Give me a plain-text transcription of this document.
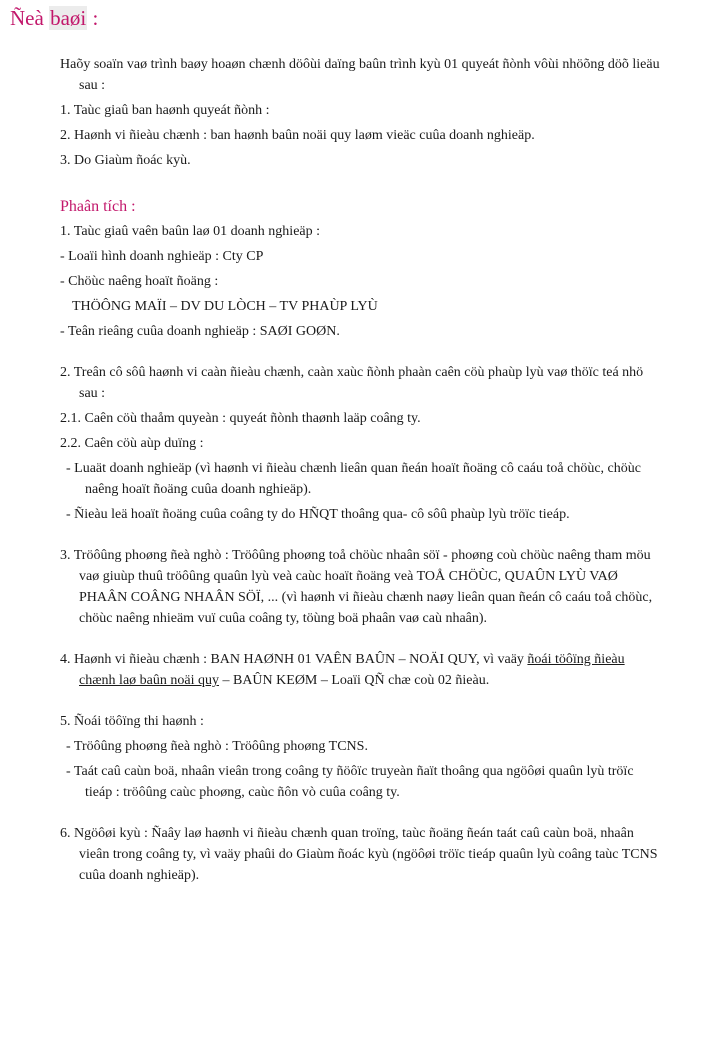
Ñeà baøi :

Haõy soaïn vaø trình baøy hoaøn chænh döôùi daïng baûn trình kyù 01 quyeát ñònh vôùi nhöõng döõ lieäu sau :

1. Taùc giaû ban haønh quyeát ñònh :

2. Haønh vi ñieàu chænh : ban haønh baûn noäi quy laøm vieäc cuûa doanh nghieäp.

3. Do Giaùm ñoác kyù.

Phaân tích :

1. Taùc giaû vaên baûn laø 01 doanh nghieäp :

- Loaïi hình doanh nghieäp : Cty CP

- Chöùc naêng hoaït ñoäng :

THÖÔNG MAÏI – DV DU LÒCH – TV PHAÙP LYÙ

- Teân rieâng cuûa doanh nghieäp : SAØI GOØN.

2. Treân cô sôû haønh vi caàn ñieàu chænh, caàn xaùc ñònh phaàn caên cöù phaùp lyù vaø thöïc teá nhö sau :

2.1. Caên cöù thaåm quyeàn : quyeát ñònh thaønh laäp coâng ty.

2.2. Caên cöù aùp duïng :

- Luaät doanh nghieäp (vì haønh vi ñieàu chænh lieân quan ñeán hoaït ñoäng cô caáu toå chöùc, chöùc naêng hoaït ñoäng cuûa doanh nghieäp).

- Ñieàu leä hoaït ñoäng cuûa coâng ty do HÑQT thoâng qua- cô sôû phaùp lyù tröïc tieáp.

3. Tröôûng phoøng ñeà nghò : Tröôûng phoøng toå chöùc nhaân söï - phoøng coù chöùc naêng tham möu vaø giuùp thuû tröôûng quaûn lyù veà caùc hoaït ñoäng veà TOÅ CHÖÙC, QUAÛN LYÙ VAØ PHAÂN COÂNG NHAÂN SÖÏ, ... (vì haønh vi ñieàu chænh naøy lieân quan ñeán cô caáu toå chöùc, chöùc naêng nhieäm vuï cuûa coâng ty, töùng boä phaân vaø caù nhaân).

4. Haønh vi ñieàu chænh : BAN HAØNH 01 VAÊN BAÛN – NOÄI QUY, vì vaäy ñoái töôïng ñieàu chænh laø baûn noäi quy – BAÛN KEØM – Loaïi QÑ chæ coù 02 ñieàu.

5. Ñoái töôïng thi haønh :

- Tröôûng phoøng ñeà nghò : Tröôûng phoøng TCNS.

- Taát caû caùn boä, nhaân vieân trong coâng ty ñöôïc truyeàn ñaït thoâng qua ngöôøi quaûn lyù tröïc tieáp : tröôûng caùc phoøng, caùc ñôn vò cuûa coâng ty.

6. Ngöôøi kyù : Ñaây laø haønh vi ñieàu chænh quan troïng, taùc ñoäng ñeán taát caû caùn boä, nhaân vieân trong coâng ty, vì vaäy phaûi do Giaùm ñoác kyù (ngöôøi tröïc tieáp quaûn lyù coâng taùc TCNS cuûa doanh nghieäp).
